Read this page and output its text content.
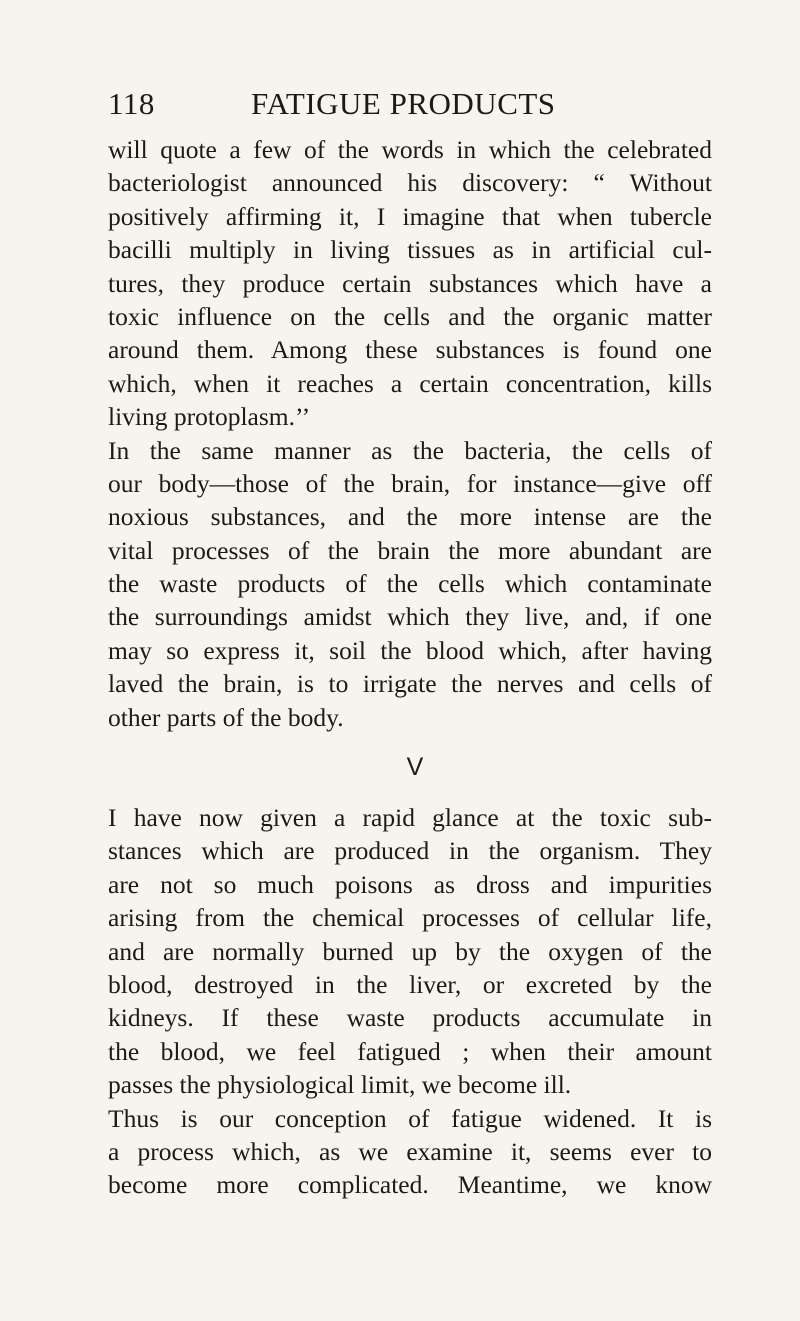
118	FATIGUE PRODUCTS
will quote a few of the words in which the celebrated
bacteriologist announced his discovery: “ Without
positively affirming it, I imagine that when tubercle
bacilli multiply in living tissues as in artificial cul-
tures, they produce certain substances which have a
toxic influence on the cells and the organic matter
around them. Among these substances is found one
which, when it reaches a certain concentration, kills
living protoplasm.’’
In the same manner as the bacteria, the cells of
our body—those of the brain, for instance—give off
noxious substances, and the more intense are the
vital processes of the brain the more abundant are
the waste products of the cells which contaminate
the surroundings amidst which they live, and, if one
may so express it, soil the blood which, after having
laved the brain, is to irrigate the nerves and cells of
other parts of the body.
V
I have now given a rapid glance at the toxic sub-
stances which are produced in the organism. They
are not so much poisons as dross and impurities
arising from the chemical processes of cellular life,
and are normally burned up by the oxygen of the
blood, destroyed in the liver, or excreted by the
kidneys. If these waste products accumulate in
the blood, we feel fatigued ; when their amount
passes the physiological limit, we become ill.
Thus is our conception of fatigue widened. It is
a process which, as we examine it, seems ever to
become more complicated. Meantime, we know
